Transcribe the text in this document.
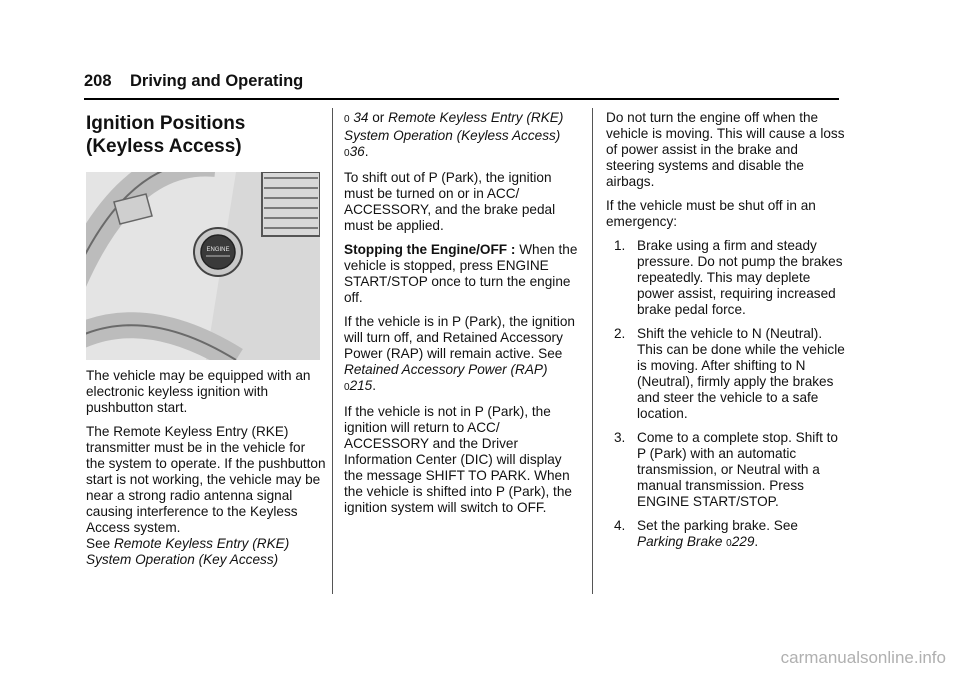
208 Driving and Operating
Ignition Positions
(Keyless Access)
ENGINE

The vehicle may be equipped with an electronic keyless ignition with pushbutton start.

The Remote Keyless Entry (RKE) transmitter must be in the vehicle for the system to operate. If the pushbutton start is not working, the vehicle may be near a strong radio antenna signal causing interference to the Keyless Access system.
See Remote Keyless Entry (RKE) System Operation (Key Access)

0 34 or Remote Keyless Entry (RKE) System Operation (Keyless Access) 036.

To shift out of P (Park), the ignition must be turned on or in ACC/ ACCESSORY, and the brake pedal must be applied.

Stopping the Engine/OFF : When the vehicle is stopped, press ENGINE START/STOP once to turn the engine off.

If the vehicle is in P (Park), the ignition will turn off, and Retained Accessory Power (RAP) will remain active. See Retained Accessory Power (RAP) 0215.

If the vehicle is not in P (Park), the ignition will return to ACC/ ACCESSORY and the Driver Information Center (DIC) will display the message SHIFT TO PARK. When the vehicle is shifted into P (Park), the ignition system will switch to OFF.

Do not turn the engine off when the vehicle is moving. This will cause a loss of power assist in the brake and steering systems and disable the airbags.

If the vehicle must be shut off in an emergency:

1. Brake using a firm and steady pressure. Do not pump the brakes repeatedly. This may deplete power assist, requiring increased brake pedal force.
2. Shift the vehicle to N (Neutral). This can be done while the vehicle is moving. After shifting to N (Neutral), firmly apply the brakes and steer the vehicle to a safe location.
3. Come to a complete stop. Shift to P (Park) with an automatic transmission, or Neutral with a manual transmission. Press ENGINE START/STOP.
4. Set the parking brake. See
Parking Brake 0229.
carmanualsonline.info
